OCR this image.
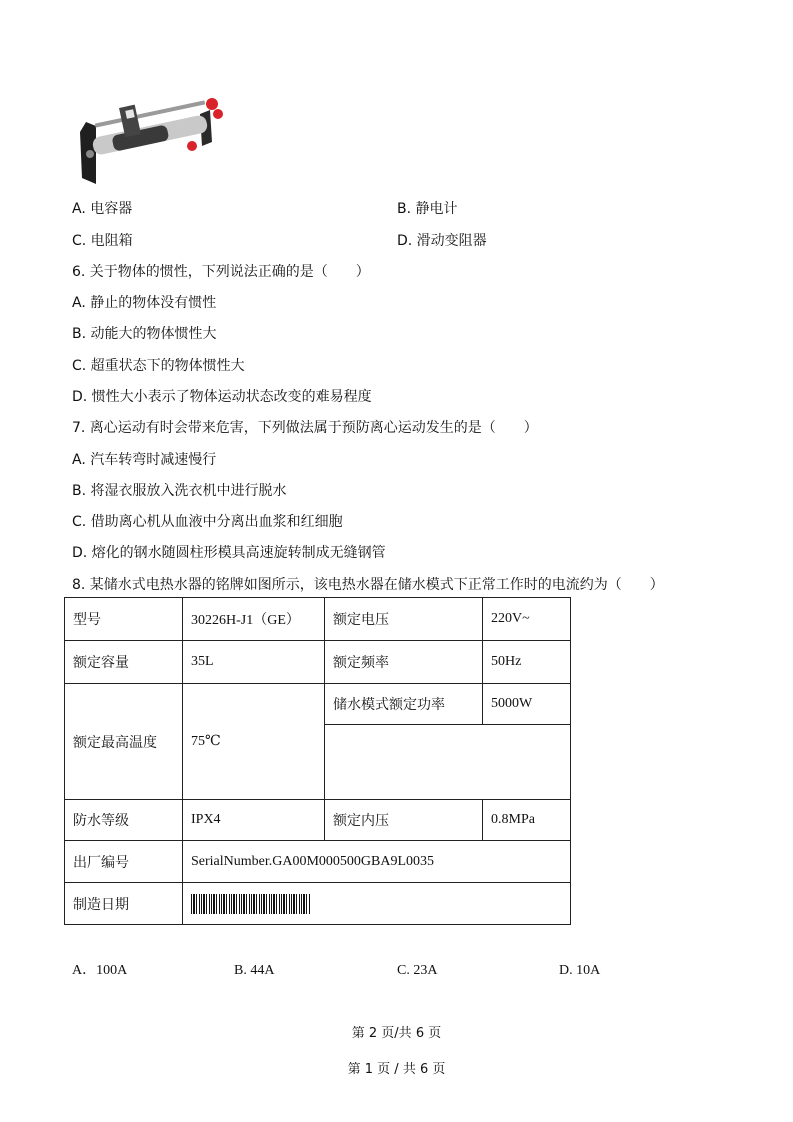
A. 电容器	B. 静电计
C. 电阻箱	D. 滑动变阻器
6. 关于物体的惯性，下列说法正确的是（　　）
A. 静止的物体没有惯性
B. 动能大的物体惯性大
C. 超重状态下的物体惯性大
D. 惯性大小表示了物体运动状态改变的难易程度
7. 离心运动有时会带来危害，下列做法属于预防离心运动发生的是（　　）
A. 汽车转弯时减速慢行
B. 将湿衣服放入洗衣机中进行脱水
C. 借助离心机从血液中分离出血浆和红细胞
D. 熔化的钢水随圆柱形模具高速旋转制成无缝钢管
8. 某储水式电热水器的铭牌如图所示，该电热水器在储水模式下正常工作时的电流约为（　　）
型号	30226H-J1（GE）	额定电压	220V~
额定容量	35L	额定频率	50Hz
额定最高温度	75℃	储水模式额定功率	5000W

防水等级	IPX4	额定内压	0.8MPa
出厂编号	SerialNumber.GA00M000500GBA9L0035		
制造日期			
A．100A	B. 44A	C. 23A	D. 10A
第 2 页/共 6 页
第 1 页 / 共 6 页
